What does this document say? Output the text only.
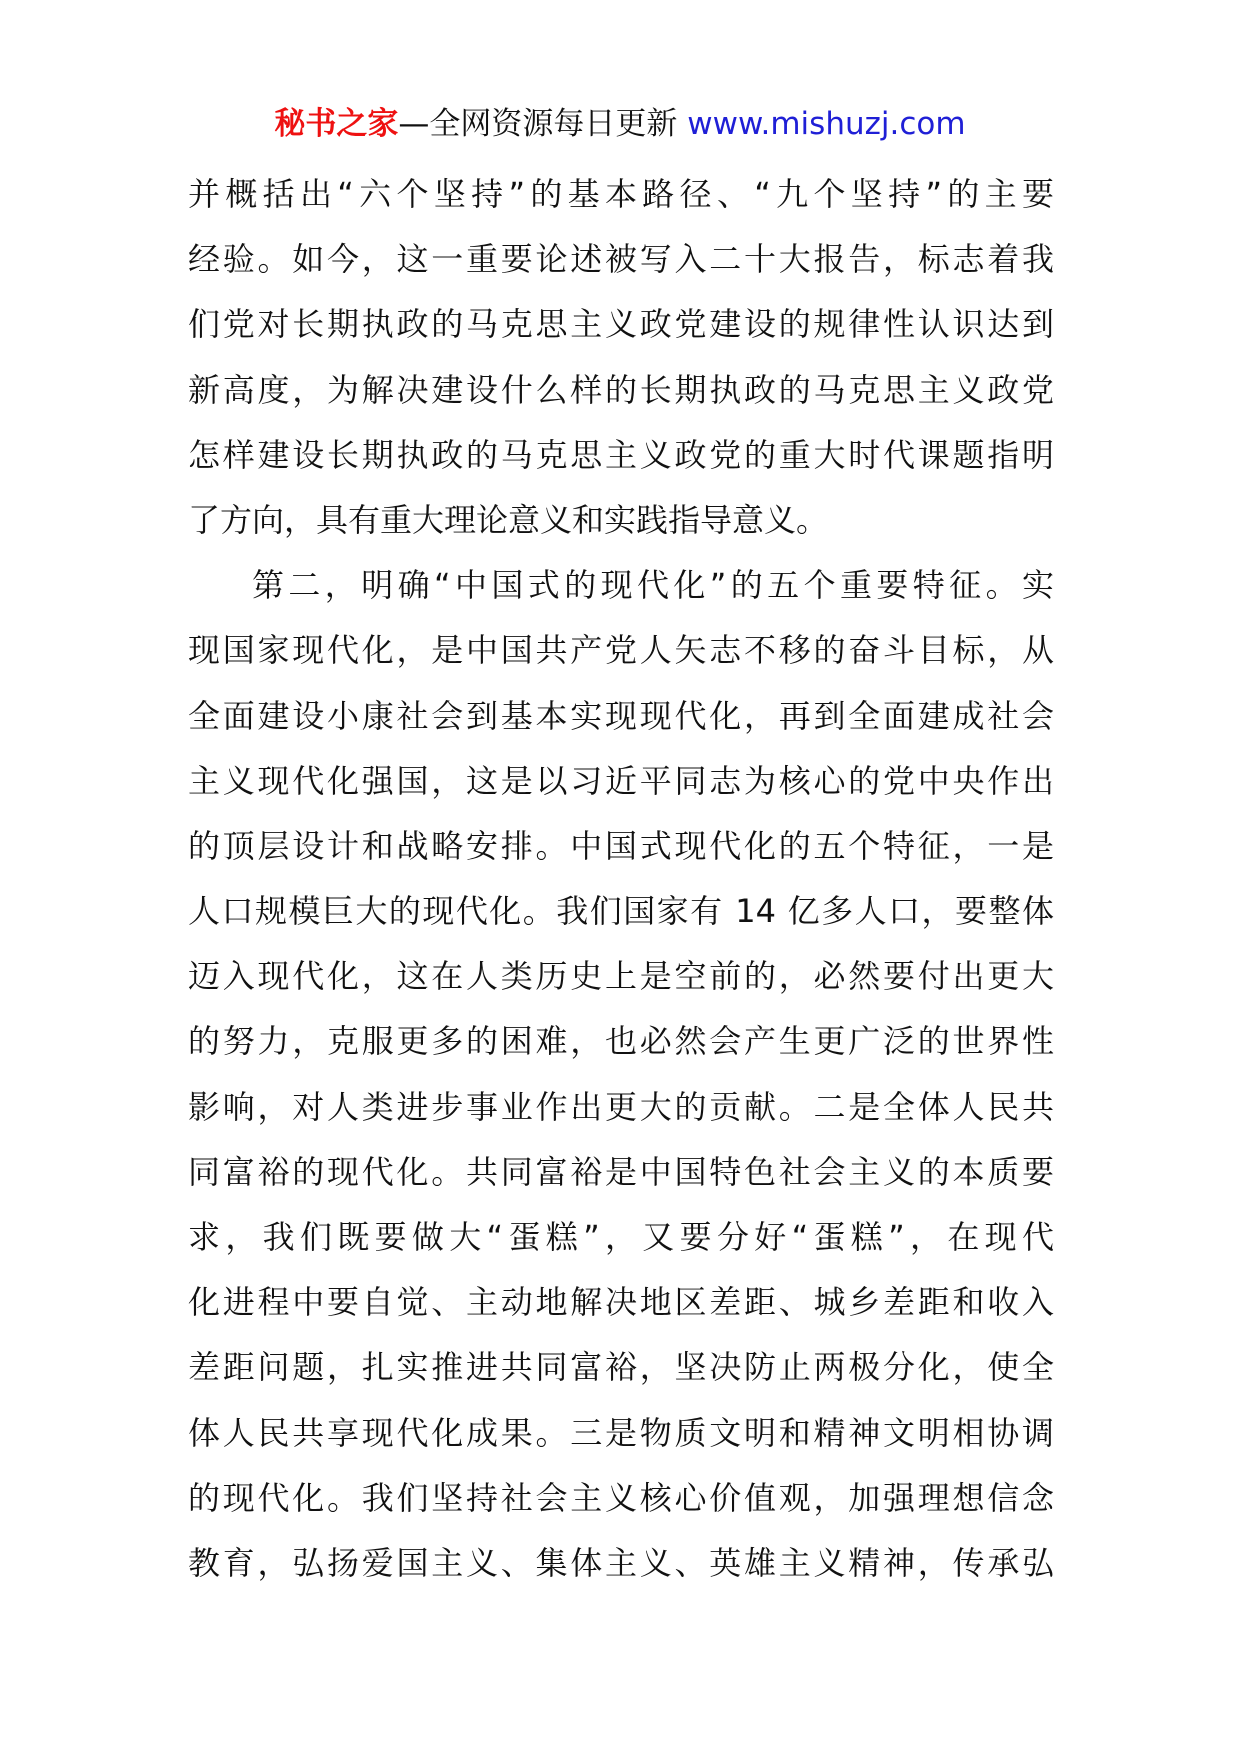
秘书之家—全网资源每日更新 www.mishuzj.com
并概括出“六个坚持”的基本路径、“九个坚持”的主要
经验。如今，这一重要论述被写入二十大报告，标志着我
们党对长期执政的马克思主义政党建设的规律性认识达到
新高度，为解决建设什么样的长期执政的马克思主义政党
怎样建设长期执政的马克思主义政党的重大时代课题指明
了方向，具有重大理论意义和实践指导意义。
第二，明确“中国式的现代化”的五个重要特征。实
现国家现代化，是中国共产党人矢志不移的奋斗目标，从
全面建设小康社会到基本实现现代化，再到全面建成社会
主义现代化强国，这是以习近平同志为核心的党中央作出
的顶层设计和战略安排。中国式现代化的五个特征，一是
人口规模巨大的现代化。我们国家有 14 亿多人口，要整体
迈入现代化，这在人类历史上是空前的，必然要付出更大
的努力，克服更多的困难，也必然会产生更广泛的世界性
影响，对人类进步事业作出更大的贡献。二是全体人民共
同富裕的现代化。共同富裕是中国特色社会主义的本质要
求，我们既要做大“蛋糕”，又要分好“蛋糕”，在现代
化进程中要自觉、主动地解决地区差距、城乡差距和收入
差距问题，扎实推进共同富裕，坚决防止两极分化，使全
体人民共享现代化成果。三是物质文明和精神文明相协调
的现代化。我们坚持社会主义核心价值观，加强理想信念
教育，弘扬爱国主义、集体主义、英雄主义精神，传承弘
